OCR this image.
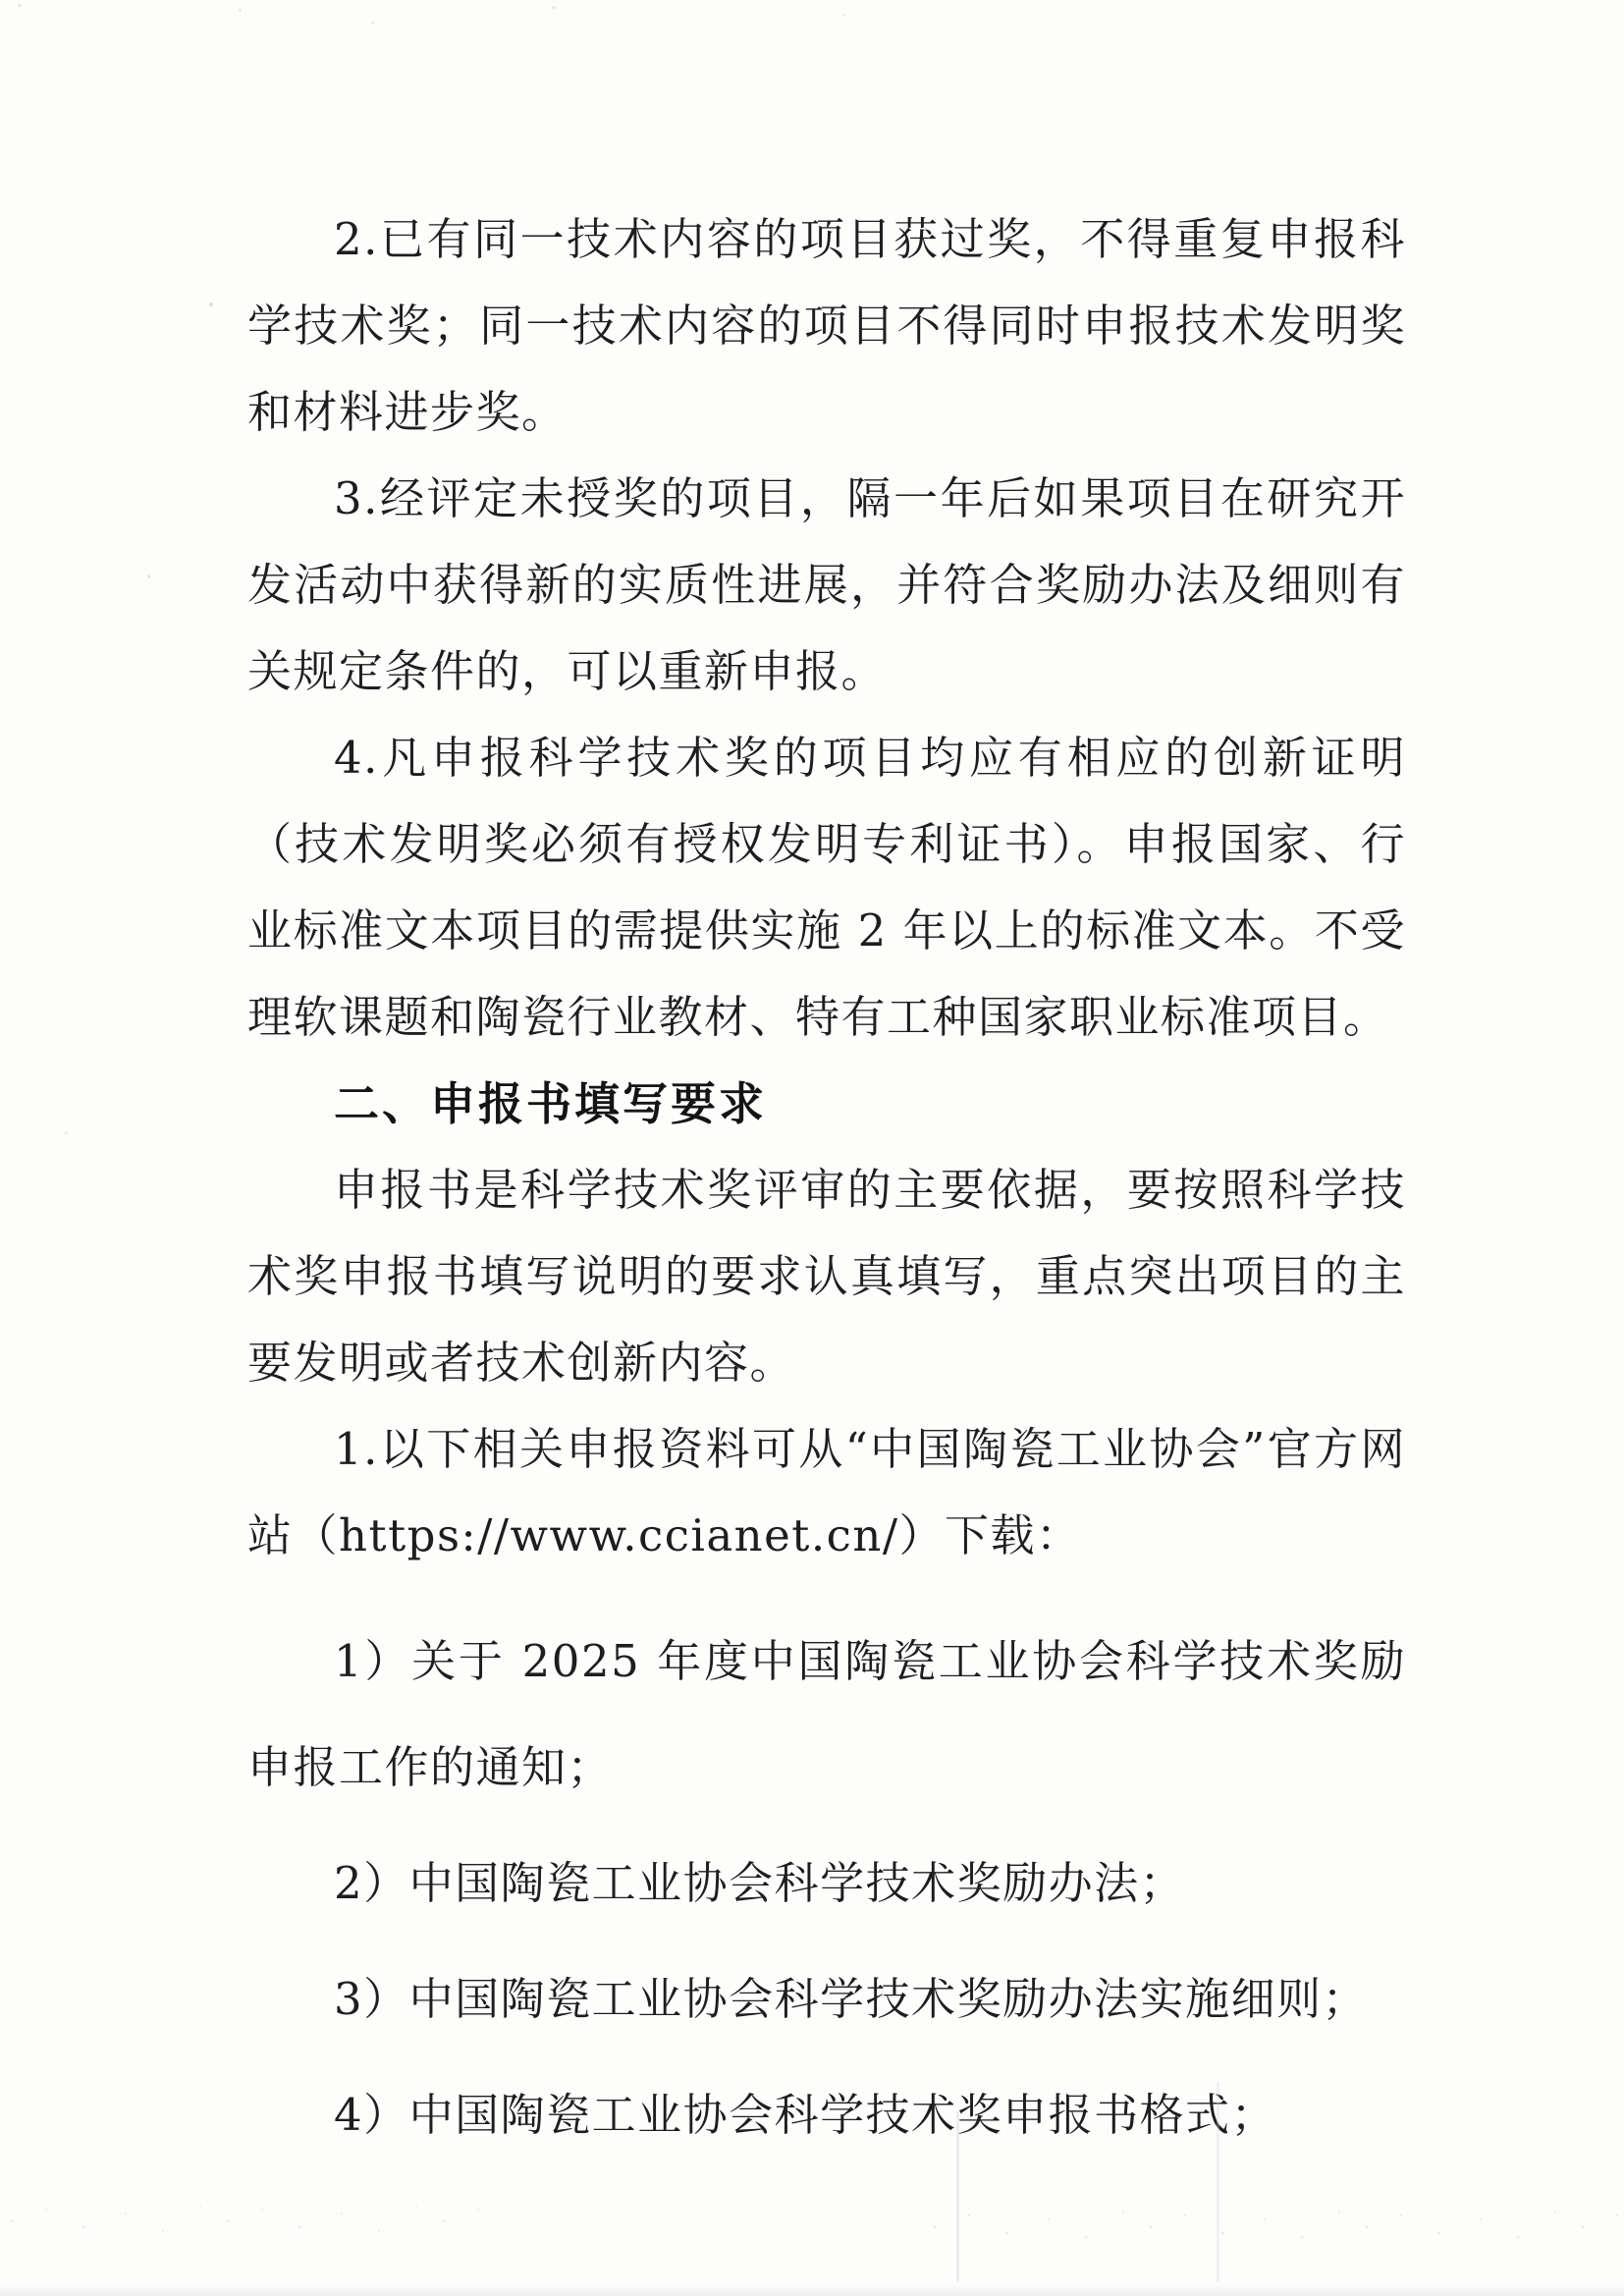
2.已有同一技术内容的项目获过奖，不得重复申报科学技术奖；同一技术内容的项目不得同时申报技术发明奖和材料进步奖。

3.经评定未授奖的项目，隔一年后如果项目在研究开发活动中获得新的实质性进展，并符合奖励办法及细则有关规定条件的，可以重新申报。

4.凡申报科学技术奖的项目均应有相应的创新证明（技术发明奖必须有授权发明专利证书）。申报国家、行业标准文本项目的需提供实施 2 年以上的标准文本。不受理软课题和陶瓷行业教材、特有工种国家职业标准项目。

二、申报书填写要求

申报书是科学技术奖评审的主要依据，要按照科学技术奖申报书填写说明的要求认真填写，重点突出项目的主要发明或者技术创新内容。

1.以下相关申报资料可从“中国陶瓷工业协会”官方网站（https://www.ccianet.cn/）下载：

1）关于 2025 年度中国陶瓷工业协会科学技术奖励申报工作的通知；
2）中国陶瓷工业协会科学技术奖励办法；
3）中国陶瓷工业协会科学技术奖励办法实施细则；
4）中国陶瓷工业协会科学技术奖申报书格式；
